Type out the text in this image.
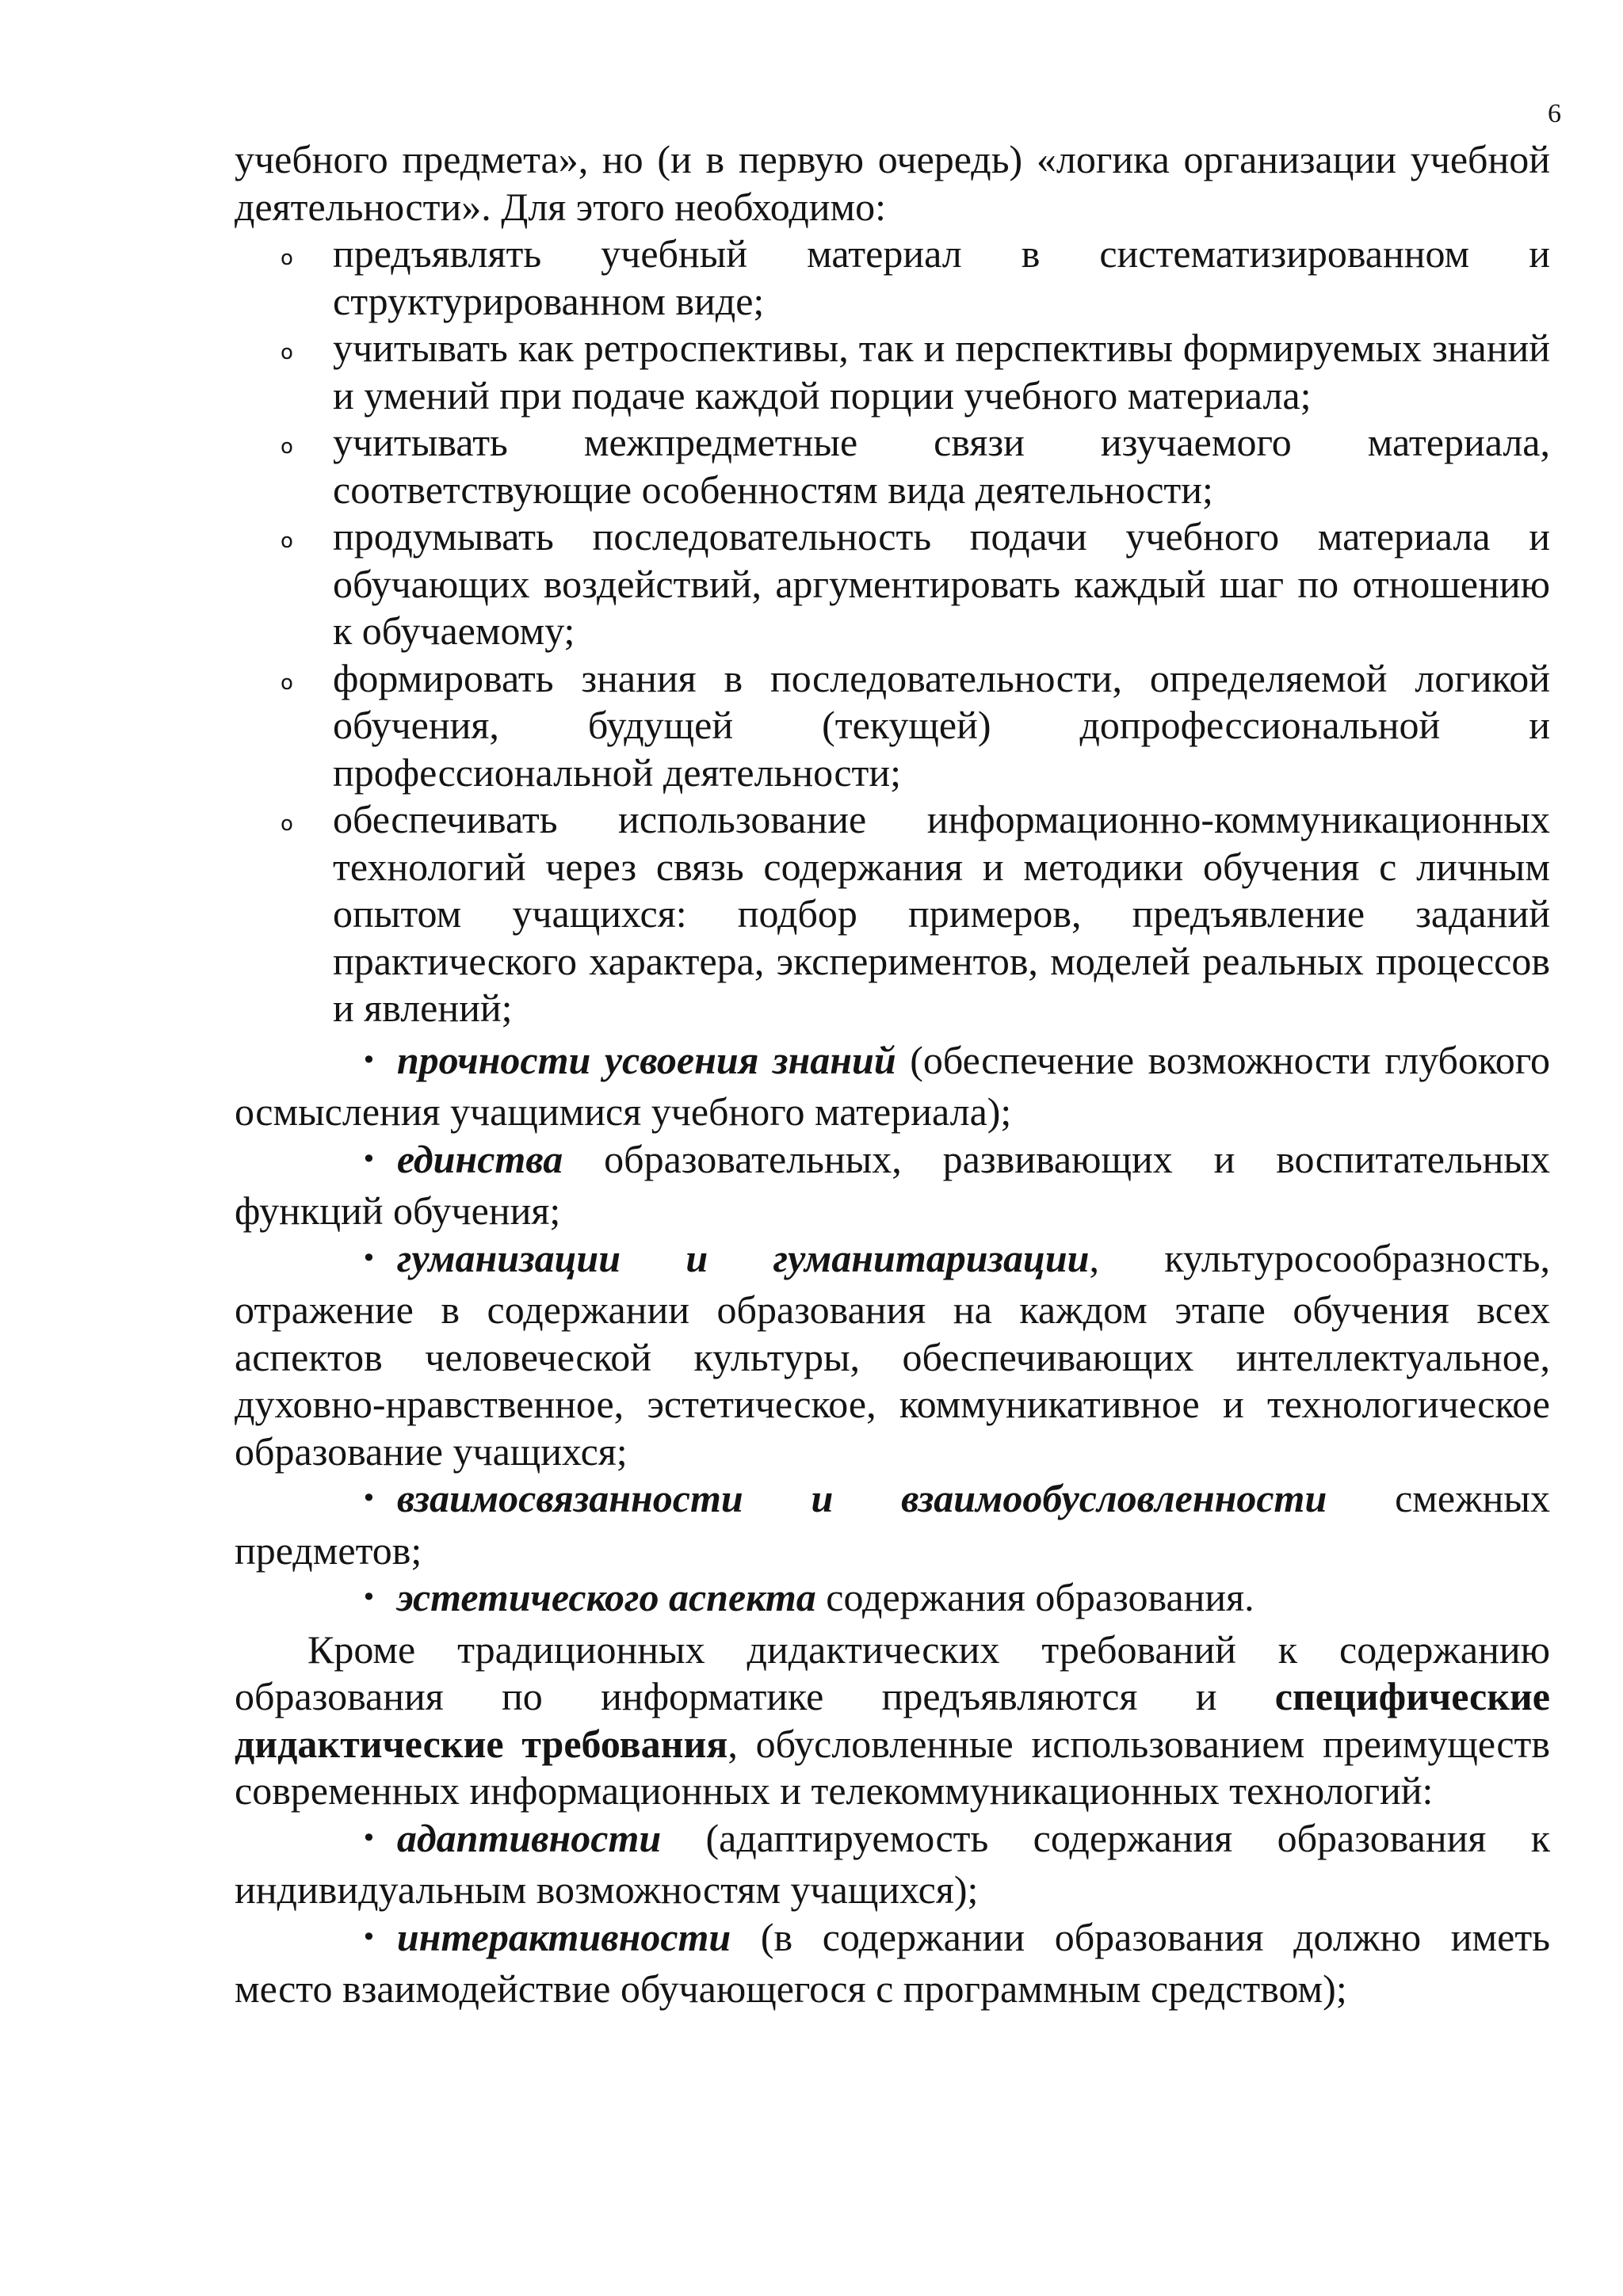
6

учебного предмета», но (и в первую очередь) «логика организации учебной деятельности». Для этого необходимо:

o предъявлять учебный материал в систематизированном и структурированном виде;
o учитывать как ретроспективы, так и перспективы формируемых знаний и умений при подаче каждой порции учебного материала;
o учитывать межпредметные связи изучаемого материала, соответствующие особенностям вида деятельности;
o продумывать последовательность подачи учебного материала и обучающих воздействий, аргументировать каждый шаг по отношению к обучаемому;
o формировать знания в последовательности, определяемой логикой обучения, будущей (текущей) допрофессиональной и профессиональной деятельности;
o обеспечивать использование информационно-коммуникационных технологий через связь содержания и методики обучения с личным опытом учащихся: подбор примеров, предъявление заданий практического характера, экспериментов, моделей реальных процессов и явлений;

• прочности усвоения знаний (обеспечение возможности глубокого осмысления учащимися учебного материала);

• единства образовательных, развивающих и воспитательных функций обучения;

• гуманизации и гуманитаризации, культуросообразность, отражение в содержании образования на каждом этапе обучения всех аспектов человеческой культуры, обеспечивающих интеллектуальное, духовно-нравственное, эстетическое, коммуникативное и технологическое образование учащихся;

• взаимосвязанности и взаимообусловленности смежных предметов;

• эстетического аспекта содержания образования.

Кроме традиционных дидактических требований к содержанию образования по информатике предъявляются и специфические дидактические требования, обусловленные использованием преимуществ современных информационных и телекоммуникационных технологий:

• адаптивности (адаптируемость содержания образования к индивидуальным возможностям учащихся);

• интерактивности (в содержании образования должно иметь место взаимодействие обучающегося с программным средством);
